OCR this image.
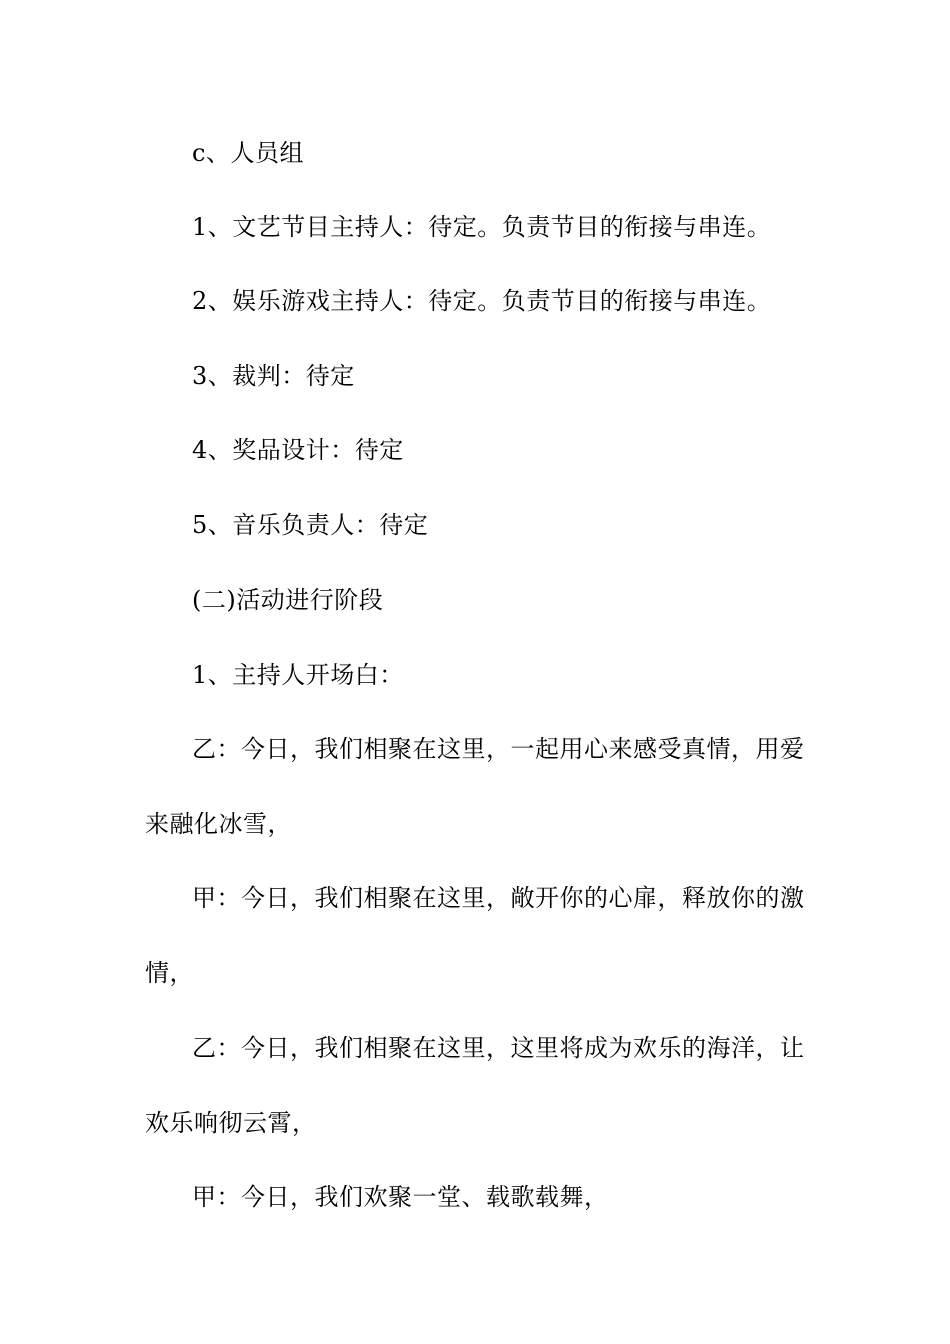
c、人员组
1、文艺节目主持人：待定。负责节目的衔接与串连。
2、娱乐游戏主持人：待定。负责节目的衔接与串连。
3、裁判：待定
4、奖品设计：待定
5、音乐负责人：待定
(二)活动进行阶段
1、主持人开场白：
乙：今日，我们相聚在这里，一起用心来感受真情，用爱
来融化冰雪，
甲：今日，我们相聚在这里，敞开你的心扉，释放你的激
情，
乙：今日，我们相聚在这里，这里将成为欢乐的海洋，让
欢乐响彻云霄，
甲：今日，我们欢聚一堂、载歌载舞，
